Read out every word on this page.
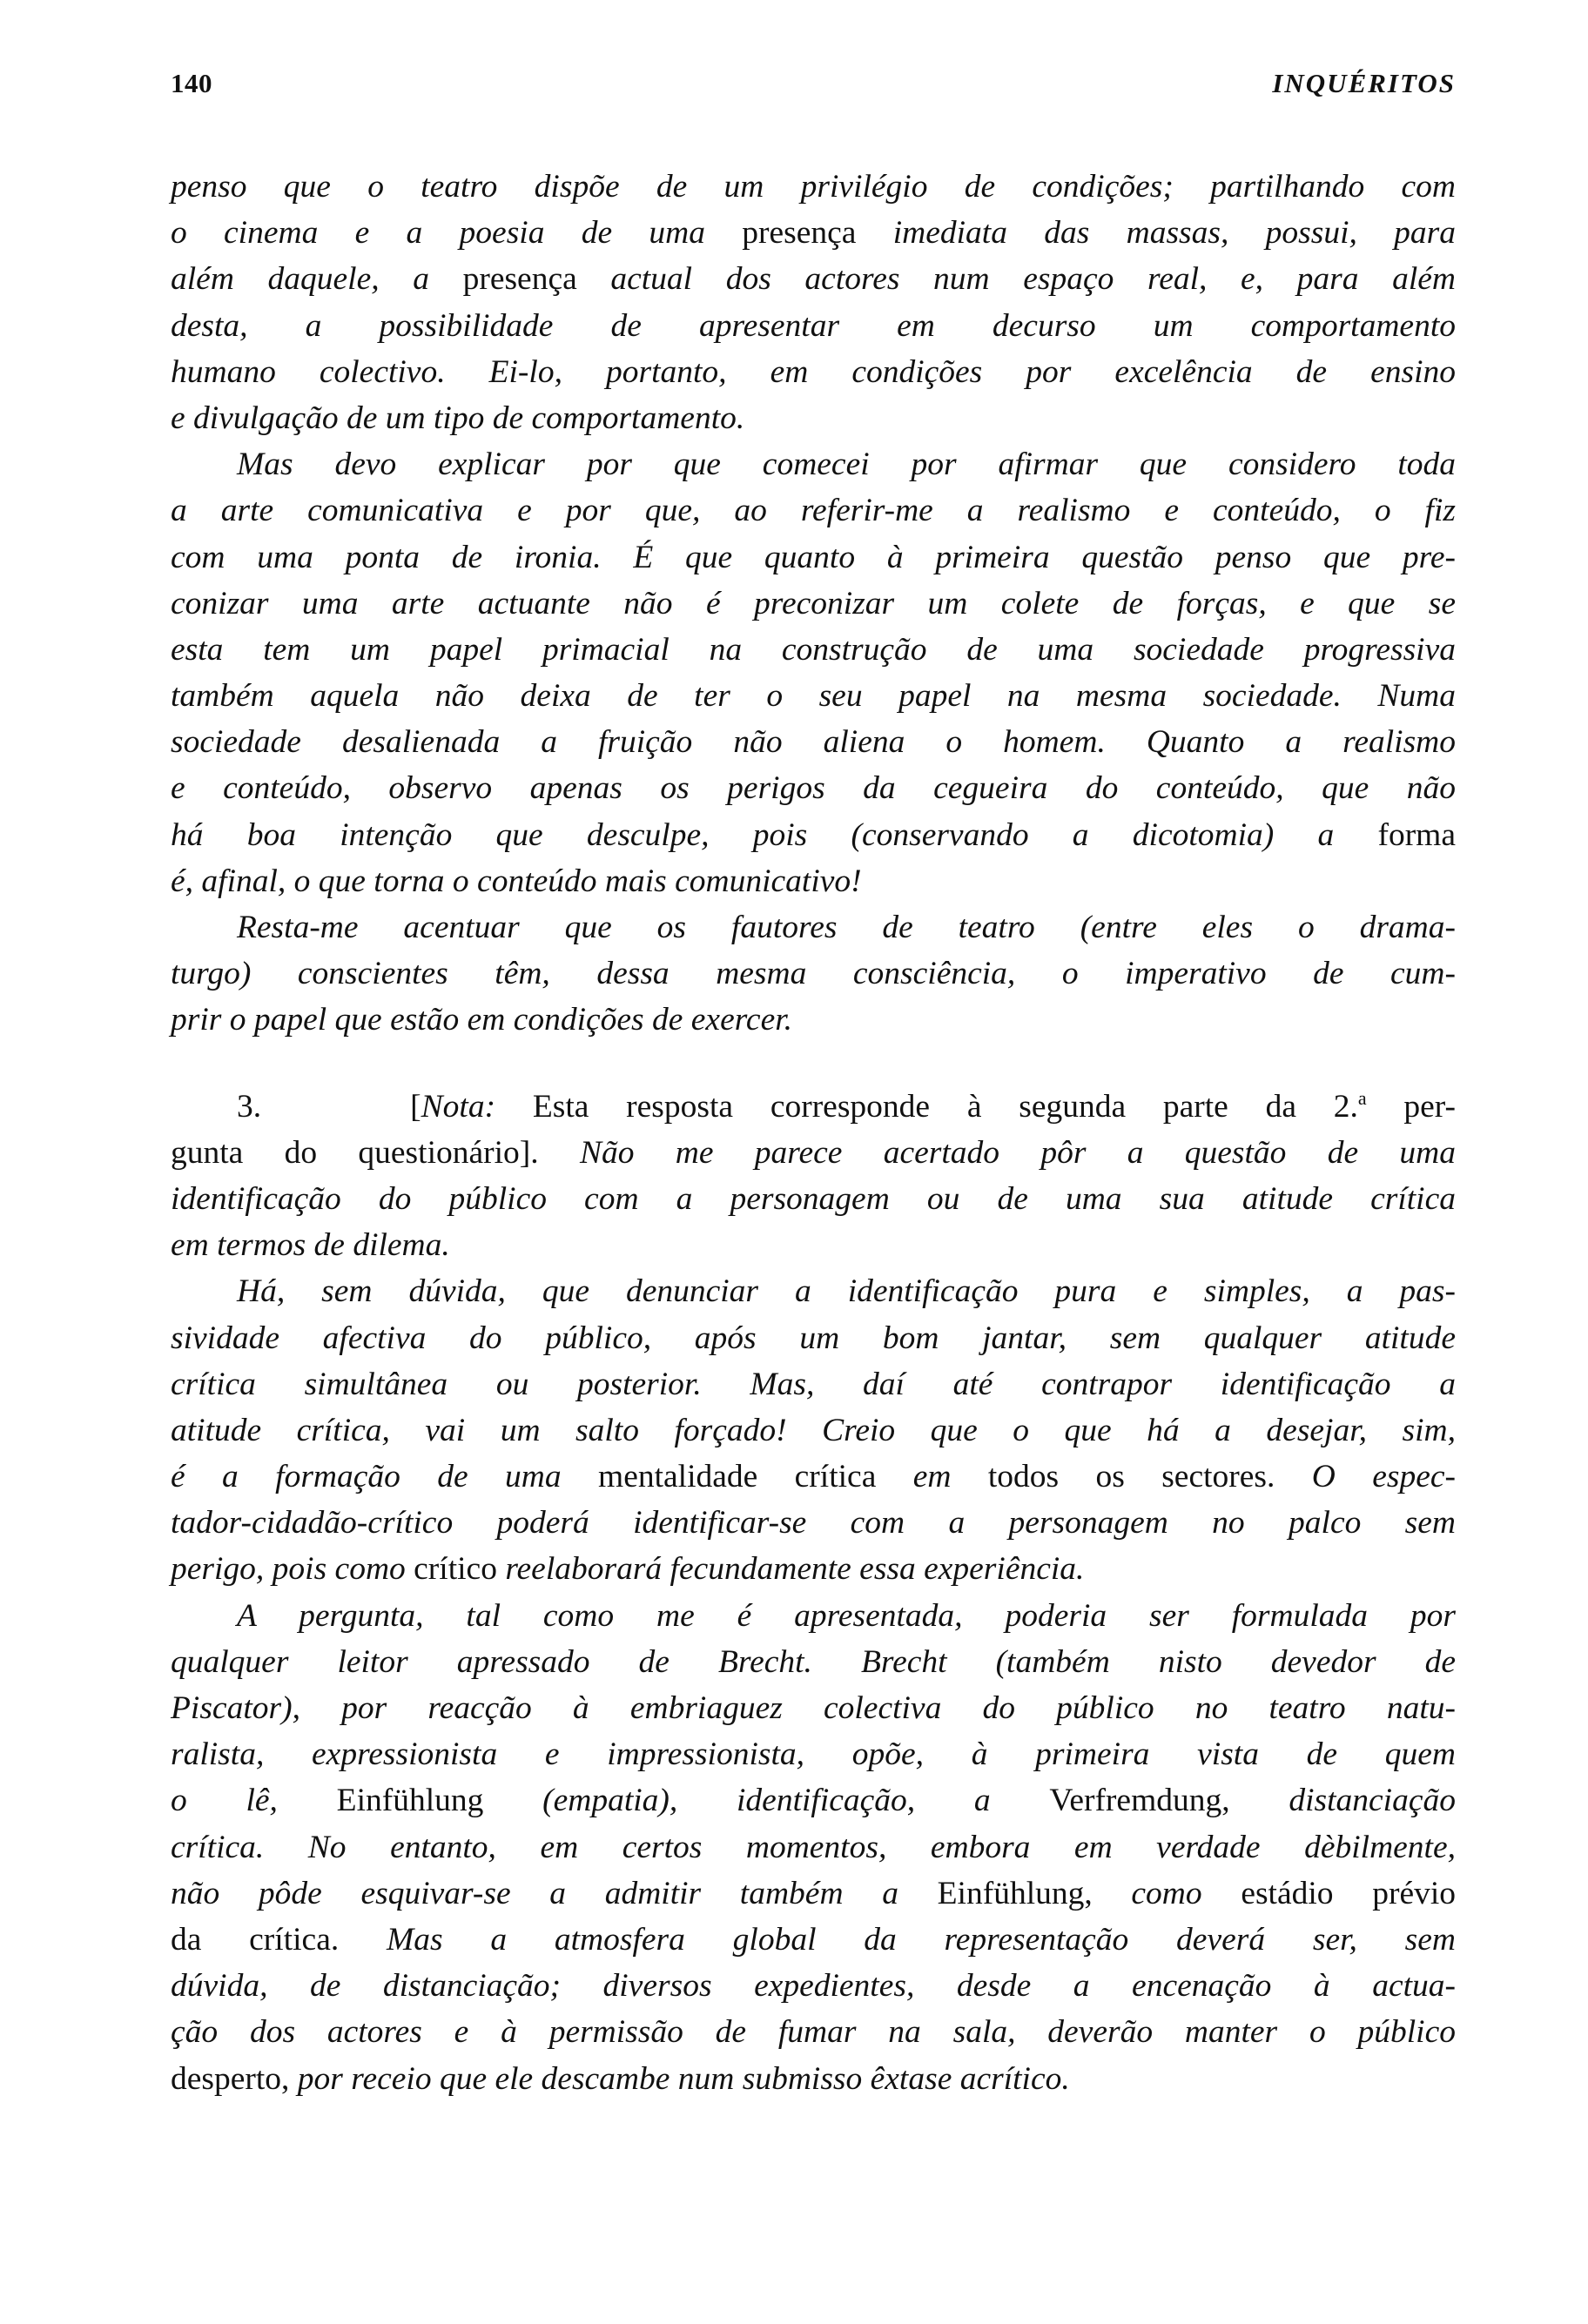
140	INQUÉRITOS
penso que o teatro dispõe de um privilégio de condições; partilhando com
o cinema e a poesia de uma presença imediata das massas, possui, para
além daquele, a presença actual dos actores num espaço real, e, para além
desta, a possibilidade de apresentar em decurso um comportamento
humano colectivo. Ei-lo, portanto, em condições por excelência de ensino
e divulgação de um tipo de comportamento.
Mas devo explicar por que comecei por afirmar que considero toda
a arte comunicativa e por que, ao referir-me a realismo e conteúdo, o fiz
com uma ponta de ironia. É que quanto à primeira questão penso que pre-
conizar uma arte actuante não é preconizar um colete de forças, e que se
esta tem um papel primacial na construção de uma sociedade progressiva
também aquela não deixa de ter o seu papel na mesma sociedade. Numa
sociedade desalienada a fruição não aliena o homem. Quanto a realismo
e conteúdo, observo apenas os perigos da cegueira do conteúdo, que não
há boa intenção que desculpe, pois (conservando a dicotomia) a forma
é, afinal, o que torna o conteúdo mais comunicativo!
Resta-me acentuar que os fautores de teatro (entre eles o drama-
turgo) conscientes têm, dessa mesma consciência, o imperativo de cum-
prir o papel que estão em condições de exercer.
3.	[Nota: Esta resposta corresponde à segunda parte da 2.$^a$ per-
gunta do questionário]. Não me parece acertado pôr a questão de uma
identificação do público com a personagem ou de uma sua atitude crítica
em termos de dilema.
Há, sem dúvida, que denunciar a identificação pura e simples, a pas-
sividade afectiva do público, após um bom jantar, sem qualquer atitude
crítica simultânea ou posterior. Mas, daí até contrapor identificação a
atitude crítica, vai um salto forçado! Creio que o que há a desejar, sim,
é a formação de uma mentalidade crítica em todos os sectores. O espec-
tador-cidadão-crítico poderá identificar-se com a personagem no palco sem
perigo, pois como crítico reelaborará fecundamente essa experiência.
A pergunta, tal como me é apresentada, poderia ser formulada por
qualquer leitor apressado de Brecht. Brecht (também nisto devedor de
Piscator), por reacção à embriaguez colectiva do público no teatro natu-
ralista, expressionista e impressionista, opõe, à primeira vista de quem
o lê, Einfühlung (empatia), identificação, a Verfremdung, distanciação
crítica. No entanto, em certos momentos, embora em verdade dèbilmente,
não pôde esquivar-se a admitir também a Einfühlung, como estádio prévio
da crítica. Mas a atmosfera global da representação deverá ser, sem
dúvida, de distanciação; diversos expedientes, desde a encenação à actua-
ção dos actores e à permissão de fumar na sala, deverão manter o público
desperto, por receio que ele descambe num submisso êxtase acrítico.
